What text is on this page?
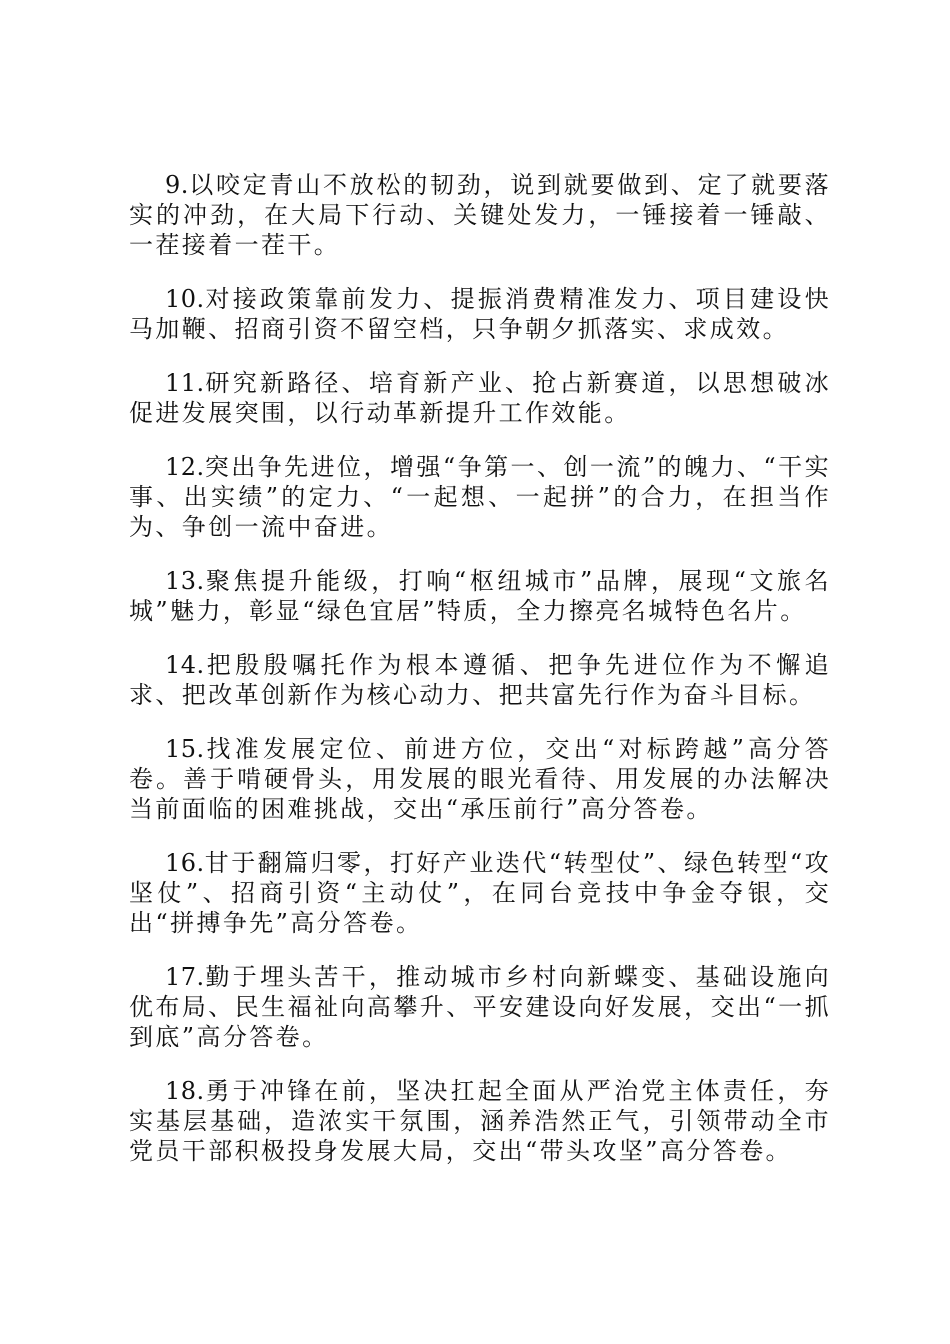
9.以咬定青山不放松的韧劲，说到就要做到、定了就要落实的冲劲，在大局下行动、关键处发力，一锤接着一锤敲、一茬接着一茬干。

10.对接政策靠前发力、提振消费精准发力、项目建设快马加鞭、招商引资不留空档，只争朝夕抓落实、求成效。

11.研究新路径、培育新产业、抢占新赛道，以思想破冰促进发展突围，以行动革新提升工作效能。

12.突出争先进位，增强“争第一、创一流”的魄力、“干实事、出实绩”的定力、“一起想、一起拼”的合力，在担当作为、争创一流中奋进。

13.聚焦提升能级，打响“枢纽城市”品牌，展现“文旅名城”魅力，彰显“绿色宜居”特质，全力擦亮名城特色名片。

14.把殷殷嘱托作为根本遵循、把争先进位作为不懈追求、把改革创新作为核心动力、把共富先行作为奋斗目标。

15.找准发展定位、前进方位，交出“对标跨越”高分答卷。善于啃硬骨头，用发展的眼光看待、用发展的办法解决当前面临的困难挑战，交出“承压前行”高分答卷。

16.甘于翻篇归零，打好产业迭代“转型仗”、绿色转型“攻坚仗”、招商引资“主动仗”，在同台竞技中争金夺银，交出“拼搏争先”高分答卷。

17.勤于埋头苦干，推动城市乡村向新蝶变、基础设施向优布局、民生福祉向高攀升、平安建设向好发展，交出“一抓到底”高分答卷。

18.勇于冲锋在前，坚决扛起全面从严治党主体责任，夯实基层基础，造浓实干氛围，涵养浩然正气，引领带动全市党员干部积极投身发展大局，交出“带头攻坚”高分答卷。
